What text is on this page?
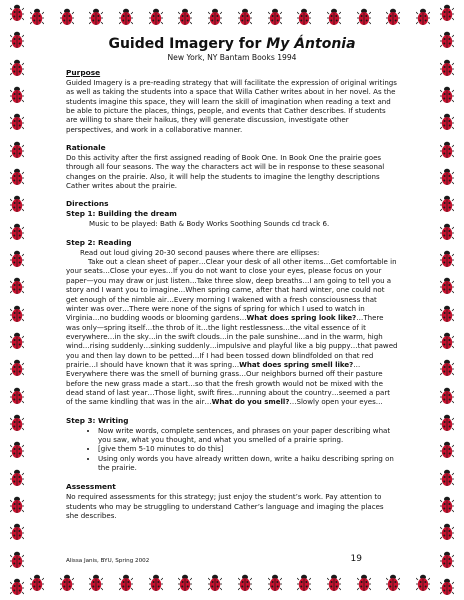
Guided Imagery for My Ántonia
New York, NY Bantam Books 1994
Purpose

Guided Imagery is a pre-reading strategy that will facilitate the expression of original writings as well as taking the students into a space that Willa Cather writes about in her novel. As the students imagine this space, they will learn the skill of imagination when reading a text and be able to picture the places, things, people, and events that Cather describes. If students are willing to share their haikus, they will generate discussion, investigate other perspectives, and work in a collaborative manner.

Rationale

Do this activity after the first assigned reading of Book One. In Book One the prairie goes through all four seasons. The way the characters act will be in response to these seasonal changes on the prairie. Also, it will help the students to imagine the lengthy descriptions Cather writes about the prairie.

Directions
Step 1: Building the dream

Music to be played: Bath & Body Works Soothing Sounds cd track 6.

Step 2: Reading

Read out loud giving 20-30 second pauses where there are ellipses:

Take out a clean sheet of paper…Clear your desk of all other items…Get comfortable in your seats…Close your eyes…If you do not want to close your eyes, please focus on your paper—you may draw or just listen…Take three slow, deep breaths…I am going to tell you a story and I want you to imagine…When spring came, after that hard winter, one could not get enough of the nimble air…Every morning I wakened with a fresh consciousness that winter was over…There were none of the signs of spring for which I used to watch in Virginia…no budding woods or blooming gardens…What does spring look like?…There was only—spring itself…the throb of it…the light restlessness…the vital essence of it everywhere…in the sky…in the swift clouds…in the pale sunshine…and in the warm, high wind…rising suddenly…sinking suddenly…impulsive and playful like a big puppy…that pawed you and then lay down to be petted…If I had been tossed down blindfolded on that red prairie…I should have known that it was spring…What does spring smell like?…Everywhere there was the smell of burning grass…Our neighbors burned off their pasture before the new grass made a start…so that the fresh growth would not be mixed with the dead stand of last year…Those light, swift fires…running about the country…seemed a part of the same kindling that was in the air…What do you smell?…Slowly open your eyes…

Step 3: Writing
• Now write words, complete sentences, and phrases on your paper describing what you saw, what you thought, and what you smelled of a prairie spring.
• [give them 5-10 minutes to do this]
• Using only words you have already written down, write a haiku describing spring on the prairie.
Assessment

No required assessments for this strategy; just enjoy the student’s work. Pay attention to students who may be struggling to understand Cather’s language and imaging the places she describes.

Alissa Janis, BYU, Spring 2002	19
